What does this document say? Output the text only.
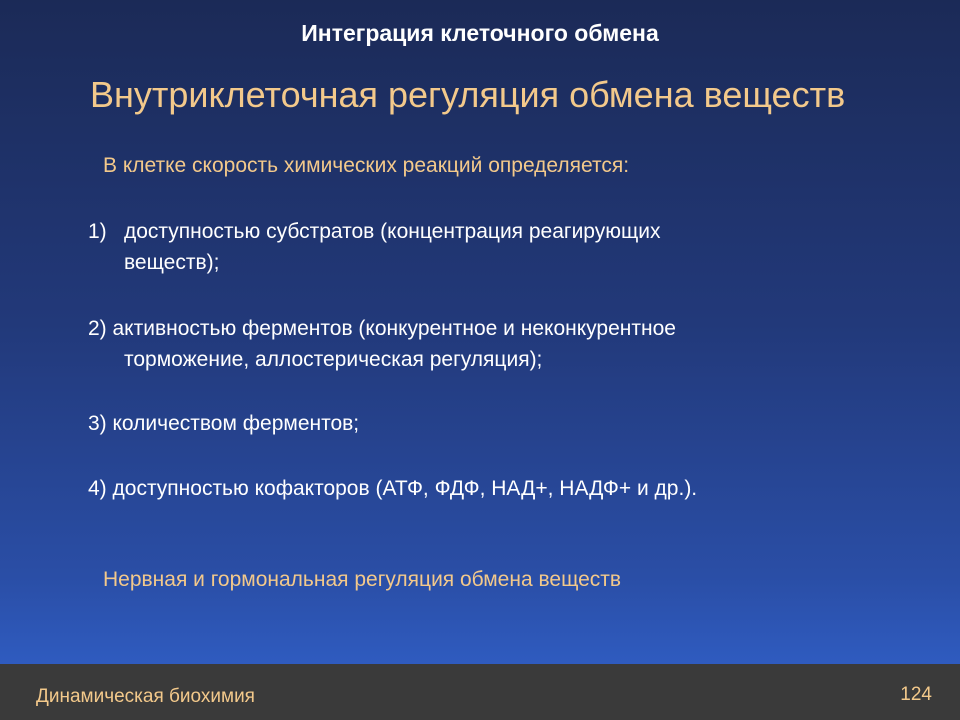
Интеграция клеточного обмена
Внутриклеточная регуляция обмена веществ
В клетке скорость химических реакций определяется:
1) доступностью субстратов (концентрация реагирующих
веществ);
2) активностью ферментов (конкурентное и неконкурентное
торможение, аллостерическая регуляция);
3) количеством ферментов;
4) доступностью кофакторов (АТФ, ФДФ, НАД+, НАДФ+ и др.).
Нервная и гормональная регуляция обмена веществ
Динамическая биохимия	124
